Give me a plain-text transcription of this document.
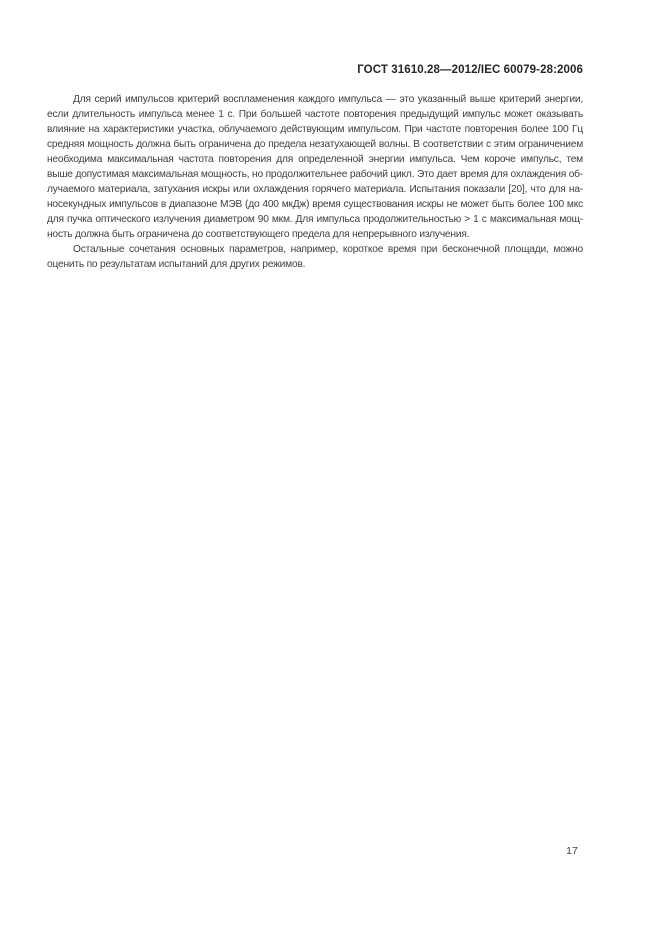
ГОСТ 31610.28—2012/IEC 60079-28:2006
Для серий импульсов критерий воспламенения каждого импульса — это указанный выше критерий энергии,
если длительность импульса менее 1 с. При большей частоте повторения предыдущий импульс может оказывать
влияние на характеристики участка, облучаемого действующим импульсом. При частоте повторения более 100 Гц
средняя мощность должна быть ограничена до предела незатухающей волны. В соответствии с этим ограничением
необходима максимальная частота повторения для определенной энергии импульса. Чем короче импульс, тем
выше допустимая максимальная мощность, но продолжительнее рабочий цикл. Это дает время для охлаждения об-
лучаемого материала, затухания искры или охлаждения горячего материала. Испытания показали [20], что для на-
носекундных импульсов в диапазоне МЭВ (до 400 мкДж) время существования искры не может быть более 100 мкс
для пучка оптического излучения диаметром 90 мкм. Для импульса продолжительностью > 1 с максимальная мощ-
ность должна быть ограничена до соответствующего предела для непрерывного излучения.
Остальные сочетания основных параметров, например, короткое время при бесконечной площади, можно
оценить по результатам испытаний для других режимов.
17
